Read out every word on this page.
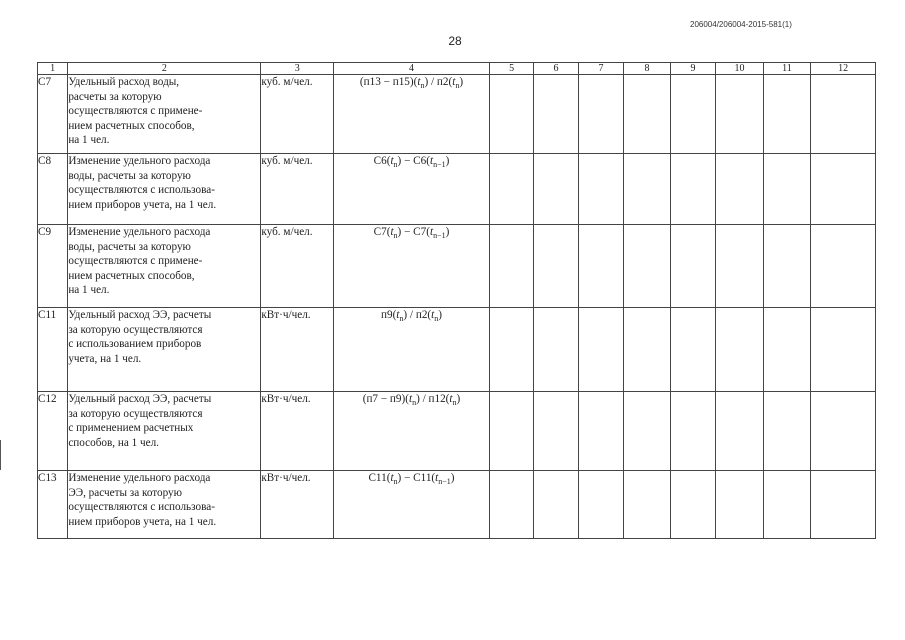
206004/206004-2015-581(1)
28
1	2	3	4	5	6	7	8	9	10	11	12
С7	Удельный расход воды,
расчеты за которую
осуществляются с примене-
нием расчетных способов,
на 1 чел.	куб. м/чел.	$(п13 - п15)(t_n) / п2(t_n)$								
С8	Изменение удельного расхода
воды, расчеты за которую
осуществляются с использова-
нием приборов учета, на 1 чел.	куб. м/чел.	$С6(t_n) - С6(t_{n-1})$								
С9	Изменение удельного расхода
воды, расчеты за которую
осуществляются с примене-
нием расчетных способов,
на 1 чел.	куб. м/чел.	$С7(t_n) - С7(t_{n-1})$								
С11	Удельный расход ЭЭ, расчеты
за которую осуществляются
с использованием приборов
учета, на 1 чел.	кВт·ч/чел.	$п9(t_n) / п2(t_n)$								
С12	Удельный расход ЭЭ, расчеты
за которую осуществляются
с применением расчетных
способов, на 1 чел.	кВт·ч/чел.	$(п7 - п9)(t_n) / п12(t_n)$								
С13	Изменение удельного расхода
ЭЭ, расчеты за которую
осуществляются с использова-
нием приборов учета, на 1 чел.	кВт·ч/чел.	$С11(t_n) - С11(t_{n-1})$								
